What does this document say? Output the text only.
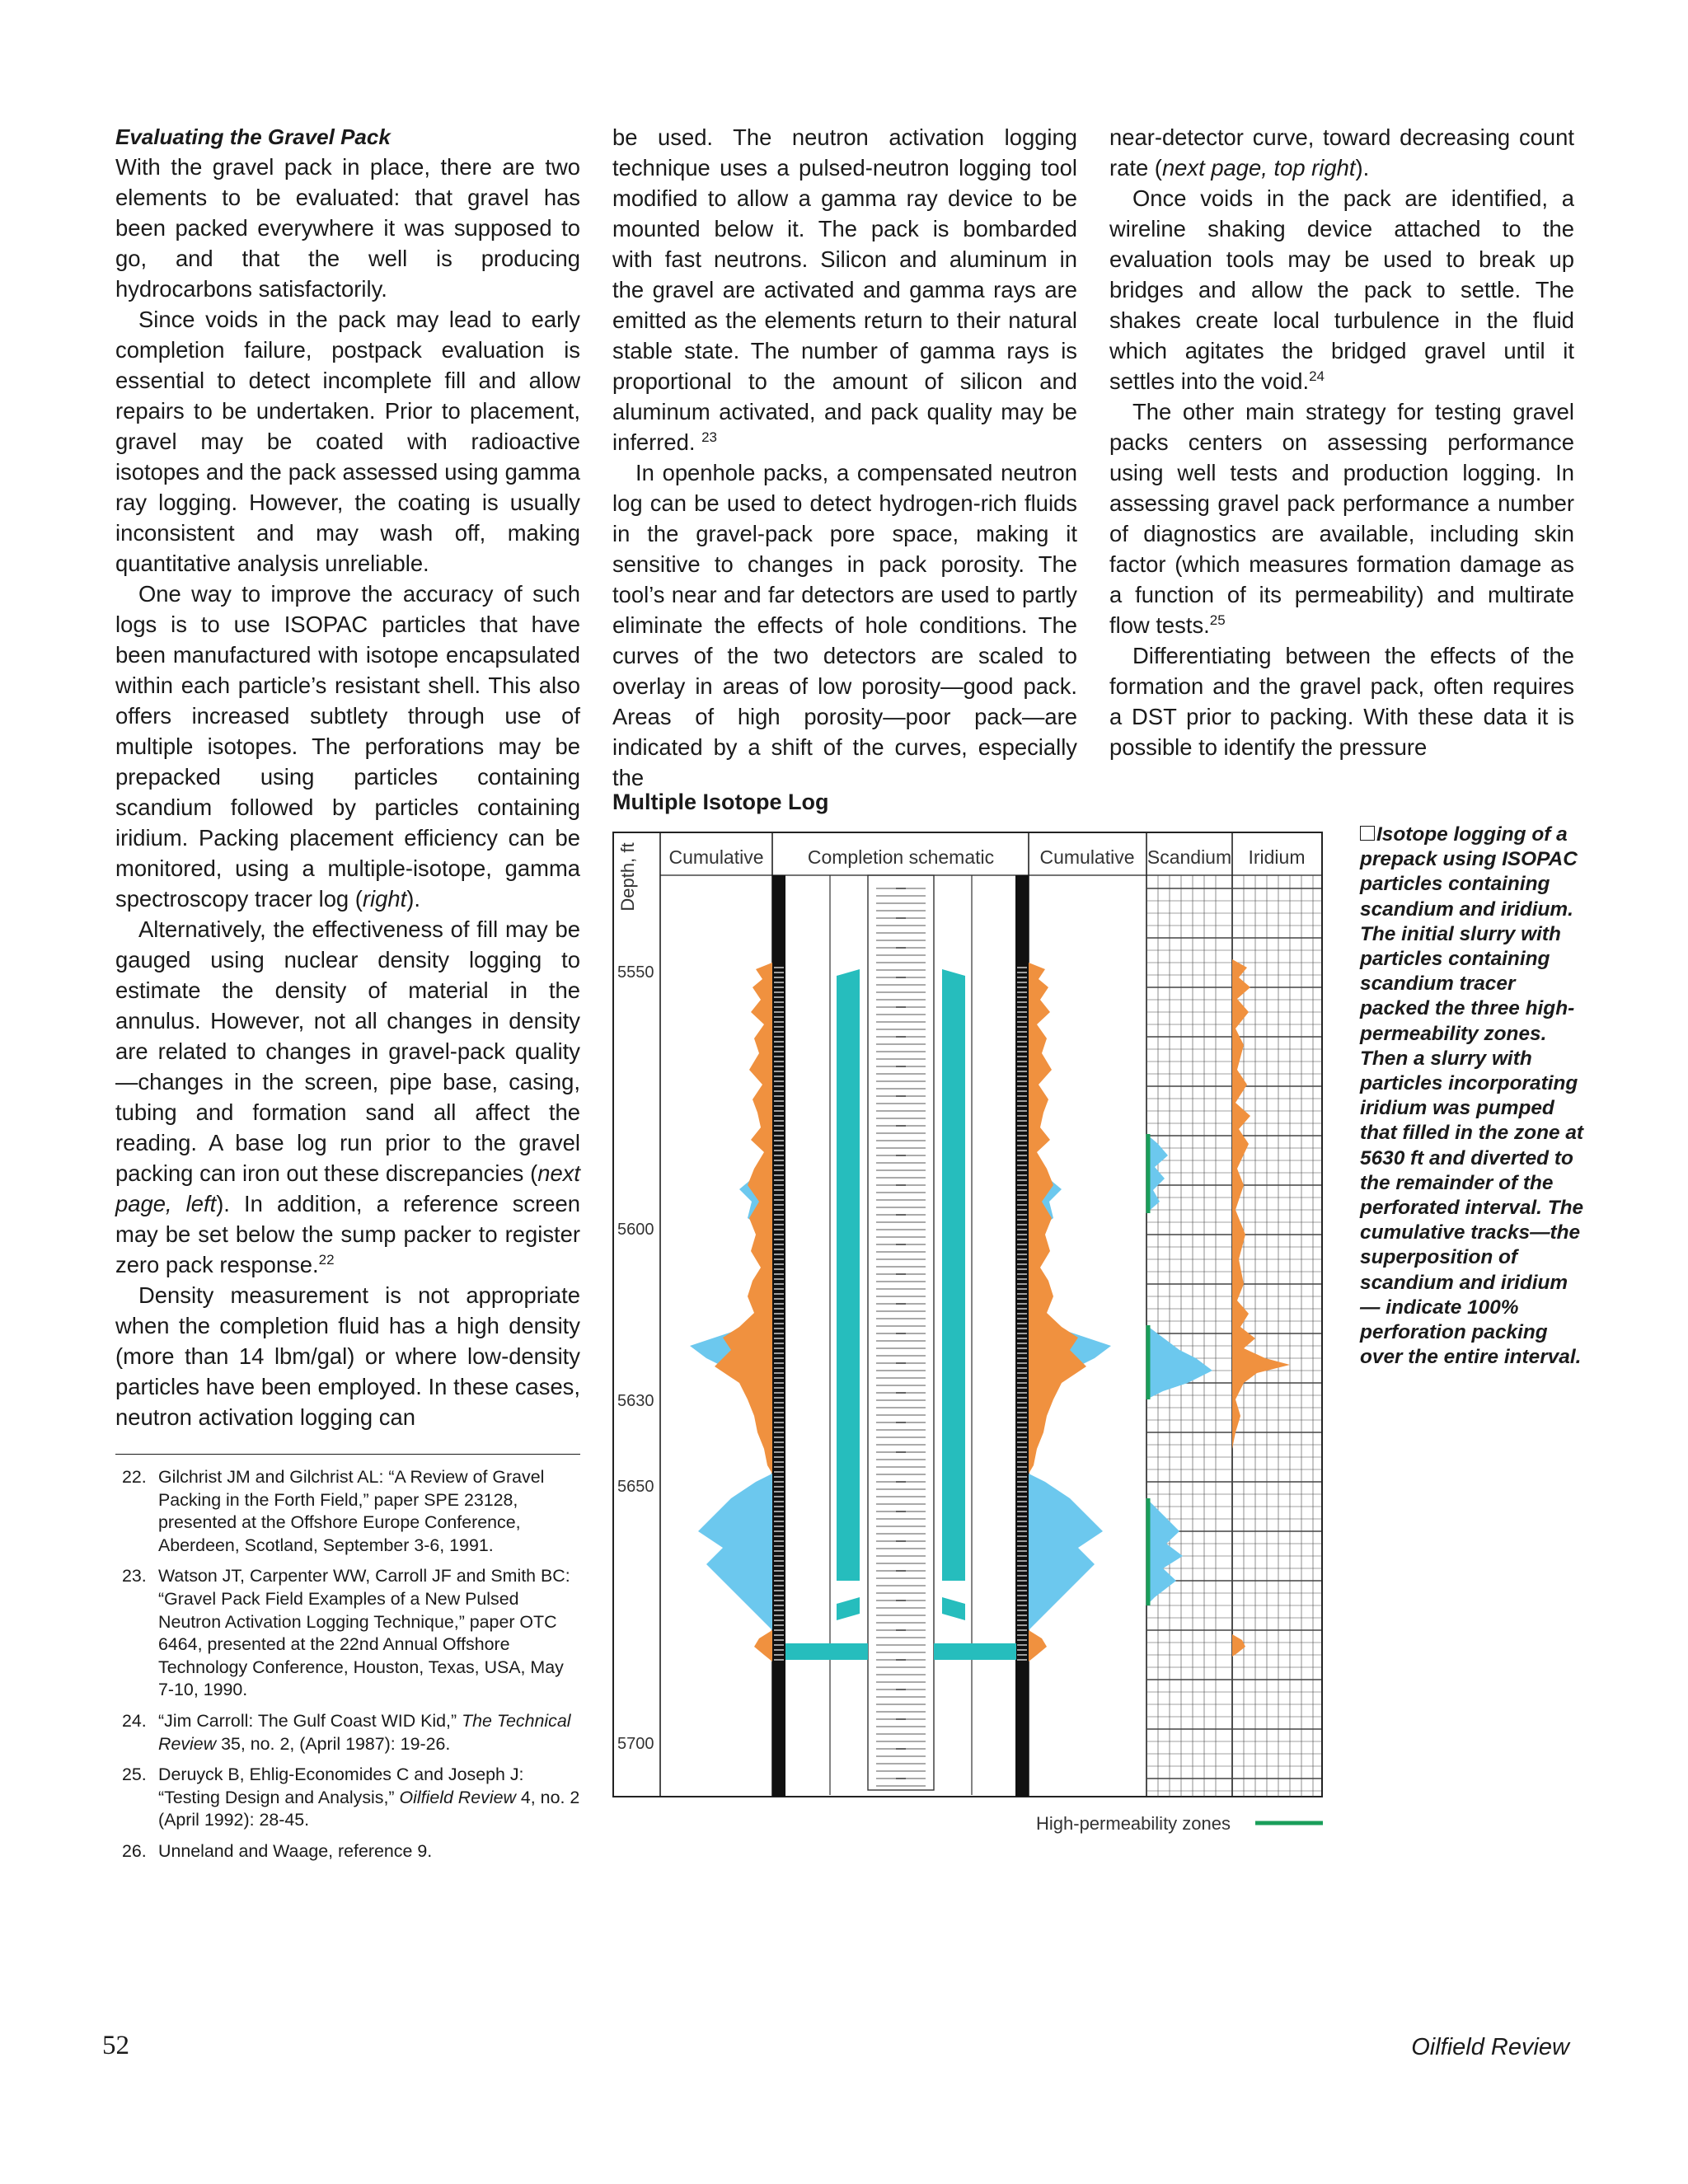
Evaluating the Gravel Pack

With the gravel pack in place, there are two elements to be evaluated: that gravel has been packed everywhere it was supposed to go, and that the well is producing hydrocarbons satisfactorily.

Since voids in the pack may lead to early completion failure, postpack evaluation is essential to detect incomplete fill and allow repairs to be undertaken. Prior to placement, gravel may be coated with radioactive isotopes and the pack assessed using gamma ray logging. However, the coating is usually inconsistent and may wash off, making quantitative analysis unreliable.

One way to improve the accuracy of such logs is to use ISOPAC particles that have been manufactured with isotope encapsulated within each particle’s resistant shell. This also offers increased subtlety through use of multiple isotopes. The perforations may be prepacked using particles containing scandium followed by particles containing iridium. Packing placement efficiency can be monitored, using a multiple-isotope, gamma spectroscopy tracer log (right).

Alternatively, the effectiveness of fill may be gauged using nuclear density logging to estimate the density of material in the annulus. However, not all changes in density are related to changes in gravel-pack quality—changes in the screen, pipe base, casing, tubing and formation sand all affect the reading. A base log run prior to the gravel packing can iron out these discrepancies (next page, left). In addition, a reference screen may be set below the sump packer to register zero pack response.$^{22}$

Density measurement is not appropriate when the completion fluid has a high density (more than 14 lbm/gal) or where low-density particles have been employed. In these cases, neutron activation logging can

be used. The neutron activation logging technique uses a pulsed-neutron logging tool modified to allow a gamma ray device to be mounted below it. The pack is bombarded with fast neutrons. Silicon and aluminum in the gravel are activated and gamma rays are emitted as the elements return to their natural stable state. The number of gamma rays is proportional to the amount of silicon and aluminum activated, and pack quality may be inferred. $^{23}$

In openhole packs, a compensated neutron log can be used to detect hydrogen-rich fluids in the gravel-pack pore space, making it sensitive to changes in pack porosity. The tool’s near and far detectors are used to partly eliminate the effects of hole conditions. The curves of the two detectors are scaled to overlay in areas of low porosity—good pack. Areas of high porosity—poor pack—are indicated by a shift of the curves, especially the

near-detector curve, toward decreasing count rate (next page, top right).

Once voids in the pack are identified, a wireline shaking device attached to the evaluation tools may be used to break up bridges and allow the pack to settle. The shakes create local turbulence in the fluid which agitates the bridged gravel until it settles into the void.$^{24}$

The other main strategy for testing gravel packs centers on assessing performance using well tests and production logging. In assessing gravel pack performance a number of diagnostics are available, including skin factor (which measures formation damage as a function of its permeability) and multirate flow tests.$^{25}$

Differentiating between the effects of the formation and the gravel pack, often requires a DST prior to packing. With these data it is possible to identify the pressure

22. Gilchrist JM and Gilchrist AL: “A Review of Gravel Packing in the Forth Field,” paper SPE 23128, presented at the Offshore Europe Conference, Aberdeen, Scotland, September 3-6, 1991.
23. Watson JT, Carpenter WW, Carroll JF and Smith BC: “Gravel Pack Field Examples of a New Pulsed Neutron Activation Logging Technique,” paper OTC 6464, presented at the 22nd Annual Offshore Technology Conference, Houston, Texas, USA, May 7-10, 1990.
24. “Jim Carroll: The Gulf Coast WID Kid,” The Technical Review 35, no. 2, (April 1987): 19-26.
25. Deruyck B, Ehlig-Economides C and Joseph J: “Testing Design and Analysis,” Oilfield Review 4, no. 2 (April 1992): 28-45.
26. Unneland and Waage, reference 9.
Multiple Isotope Log
Cumulative Completion schematic Cumulative Scandium Iridium
Depth, ft
5550
5600
5630
5650
5700
High-permeability zones
Isotope logging of a prepack using ISOPAC particles containing scandium and iridium. The initial slurry with particles containing scandium tracer packed the three high-permeability zones. Then a slurry with particles incorporating iridium was pumped that filled in the zone at 5630 ft and diverted to the remainder of the perforated interval. The cumulative tracks—the superposition of scandium and iridium— indicate 100% perforation packing over the entire interval.
52	Oilfield Review
